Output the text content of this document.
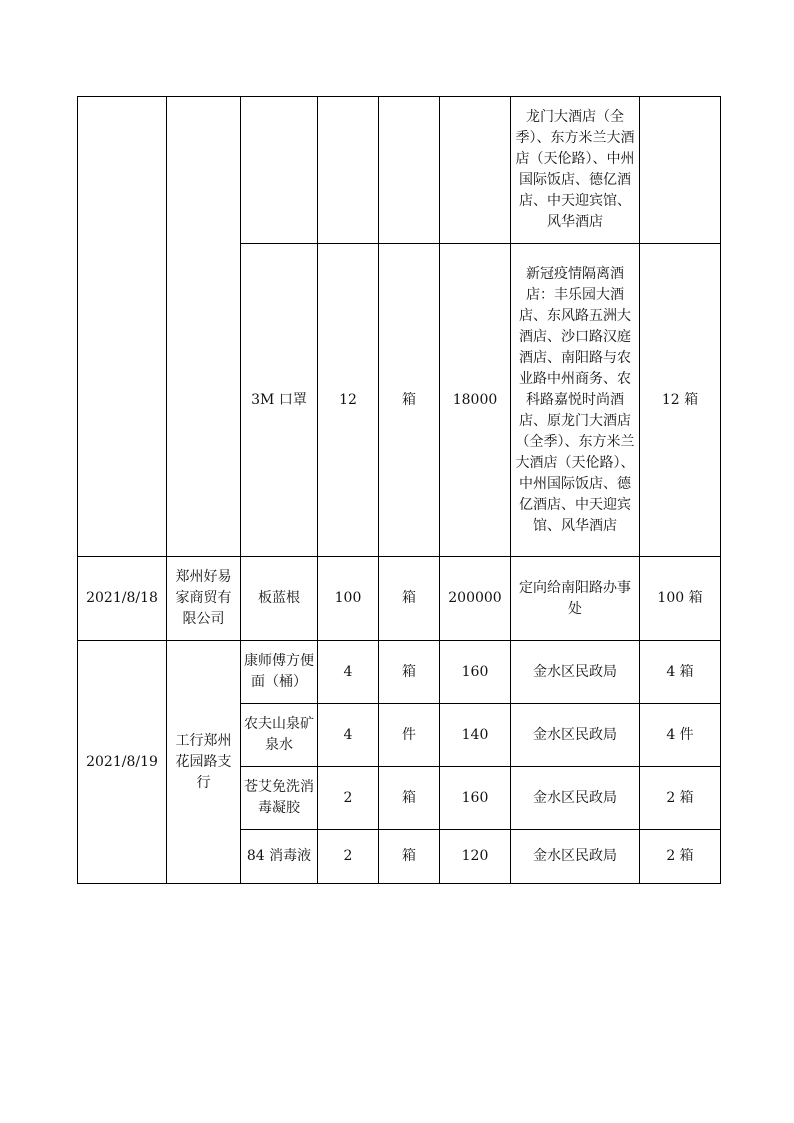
						龙门大酒店（全季）、东方米兰大酒店（天伦路）、中州国际饭店、德亿酒店、中天迎宾馆、风华酒店	
		3M 口罩	12	箱	18000	新冠疫情隔离酒店：丰乐园大酒店、东风路五洲大酒店、沙口路汉庭酒店、南阳路与农业路中州商务、农科路嘉悦时尚酒店、原龙门大酒店（全季）、东方米兰大酒店（天伦路）、中州国际饭店、德亿酒店、中天迎宾馆、风华酒店	12 箱
2021/8/18	郑州好易家商贸有限公司	板蓝根	100	箱	200000	定向给南阳路办事处	100 箱
2021/8/19	工行郑州花园路支行	康师傅方便面（桶）	4	箱	160	金水区民政局	4 箱
		农夫山泉矿泉水	4	件	140	金水区民政局	4 件
		苍艾免洗消毒凝胶	2	箱	160	金水区民政局	2 箱
		84 消毒液	2	箱	120	金水区民政局	2 箱
